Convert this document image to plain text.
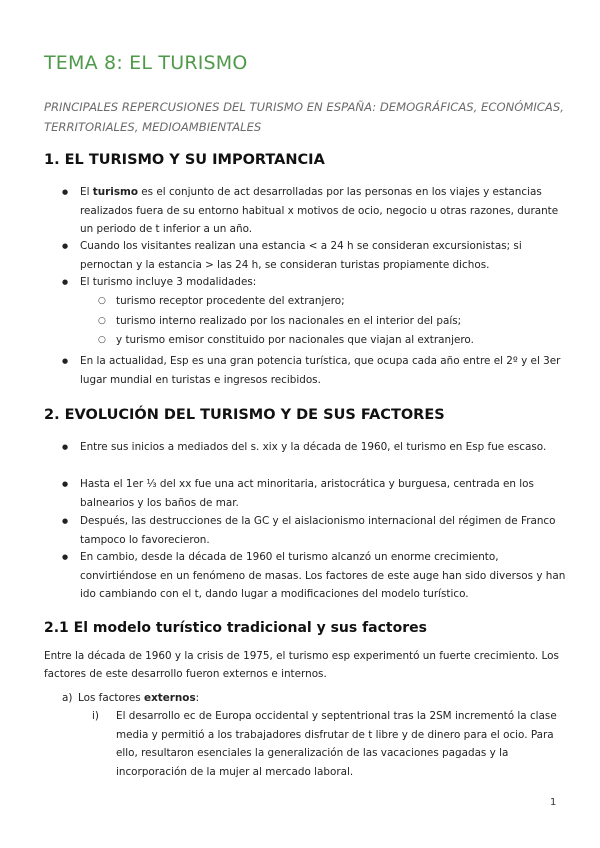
TEMA 8: EL TURISMO
PRINCIPALES REPERCUSIONES DEL TURISMO EN ESPAÑA: DEMOGRÁFICAS, ECONÓMICAS, TERRITORIALES, MEDIOAMBIENTALES
1. EL TURISMO Y SU IMPORTANCIA
● El turismo es el conjunto de act desarrolladas por las personas en los viajes y estancias realizados fuera de su entorno habitual x motivos de ocio, negocio u otras razones, durante un periodo de t inferior a un año.
● Cuando los visitantes realizan una estancia < a 24 h se consideran excursionistas; si pernoctan y la estancia > las 24 h, se consideran turistas propiamente dichos.
● El turismo incluye 3 modalidades:
○ turismo receptor procedente del extranjero;
○ turismo interno realizado por los nacionales en el interior del país;
○ y turismo emisor constituido por nacionales que viajan al extranjero.
● En la actualidad, Esp es una gran potencia turística, que ocupa cada año entre el 2º y el 3er lugar mundial en turistas e ingresos recibidos.
2. EVOLUCIÓN DEL TURISMO Y DE SUS FACTORES
● Entre sus inicios a mediados del s. xix y la década de 1960, el turismo en Esp fue escaso.
● Hasta el 1er ⅓ del xx fue una act minoritaria, aristocrática y burguesa, centrada en los balnearios y los baños de mar.
● Después, las destrucciones de la GC y el aislacionismo internacional del régimen de Franco tampoco lo favorecieron.
● En cambio, desde la década de 1960 el turismo alcanzó un enorme crecimiento, convirtiéndose en un fenómeno de masas. Los factores de este auge han sido diversos y han ido cambiando con el t, dando lugar a modificaciones del modelo turístico.
2.1 El modelo turístico tradicional y sus factores
Entre la década de 1960 y la crisis de 1975, el turismo esp experimentó un fuerte crecimiento. Los factores de este desarrollo fueron externos e internos.
a) Los factores externos:
i) El desarrollo ec de Europa occidental y septentrional tras la 2SM incrementó la clase media y permitió a los trabajadores disfrutar de t libre y de dinero para el ocio. Para ello, resultaron esenciales la generalización de las vacaciones pagadas y la incorporación de la mujer al mercado laboral.
1
